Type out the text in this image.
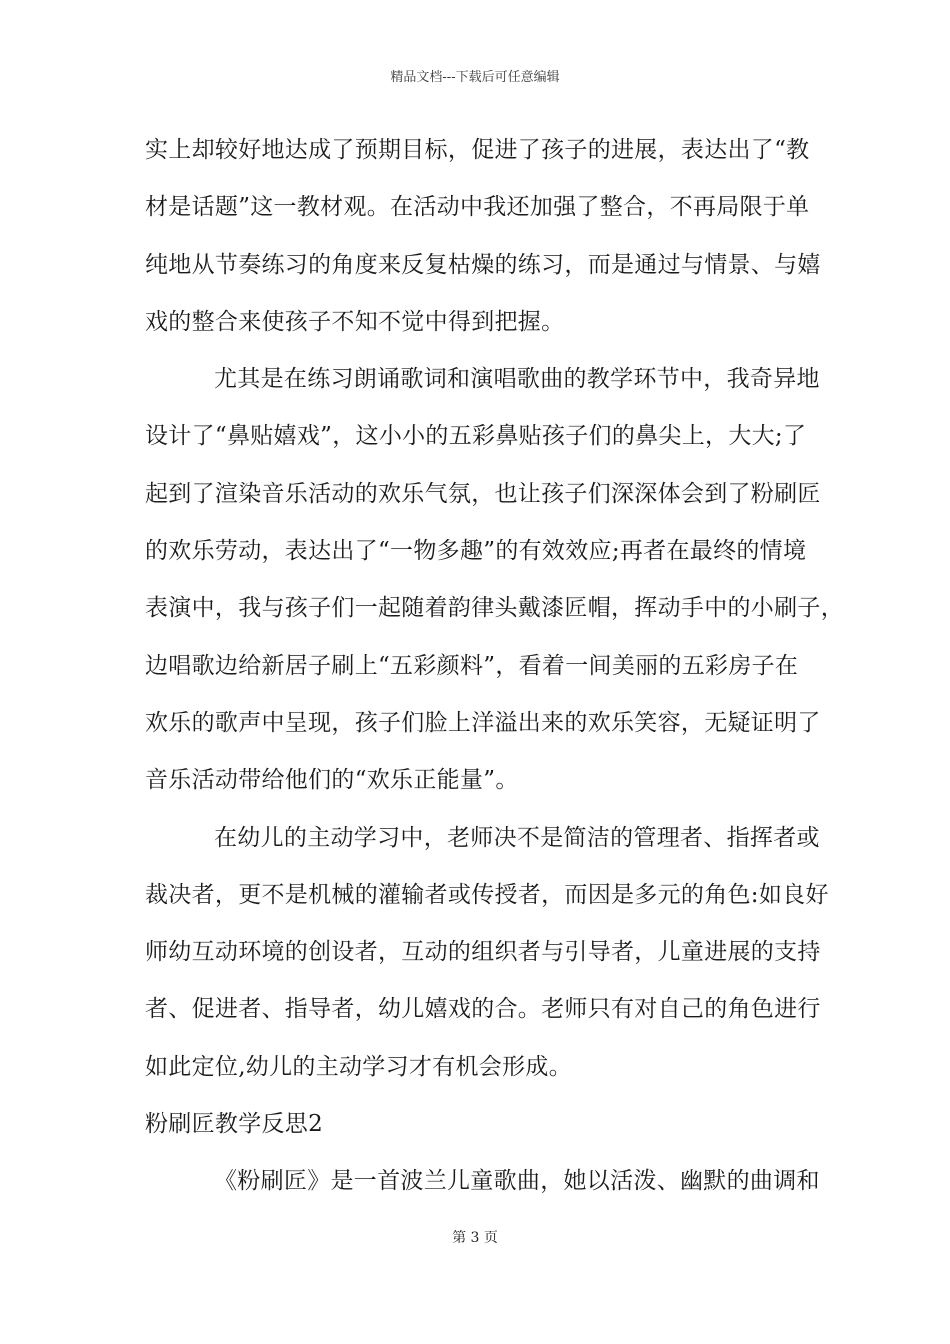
精品文档---下载后可任意编辑
实上却较好地达成了预期目标，促进了孩子的进展，表达出了“教
材是话题”这一教材观。在活动中我还加强了整合，不再局限于单
纯地从节奏练习的角度来反复枯燥的练习，而是通过与情景、与嬉
戏的整合来使孩子不知不觉中得到把握。
尤其是在练习朗诵歌词和演唱歌曲的教学环节中，我奇异地
设计了“鼻贴嬉戏”，这小小的五彩鼻贴孩子们的鼻尖上，大大;了
起到了渲染音乐活动的欢乐气氛，也让孩子们深深体会到了粉刷匠
的欢乐劳动，表达出了“一物多趣”的有效效应;再者在最终的情境
表演中，我与孩子们一起随着韵律头戴漆匠帽，挥动手中的小刷子，
边唱歌边给新居子刷上“五彩颜料”，看着一间美丽的五彩房子在
欢乐的歌声中呈现，孩子们脸上洋溢出来的欢乐笑容，无疑证明了
音乐活动带给他们的“欢乐正能量”。
在幼儿的主动学习中，老师决不是简洁的管理者、指挥者或
裁决者，更不是机械的灌输者或传授者，而因是多元的角色:如良好
师幼互动环境的创设者，互动的组织者与引导者，儿童进展的支持
者、促进者、指导者，幼儿嬉戏的合。老师只有对自己的角色进行
如此定位,幼儿的主动学习才有机会形成。
粉刷匠教学反思2
《粉刷匠》是一首波兰儿童歌曲，她以活泼、幽默的曲调和
第 3 页
